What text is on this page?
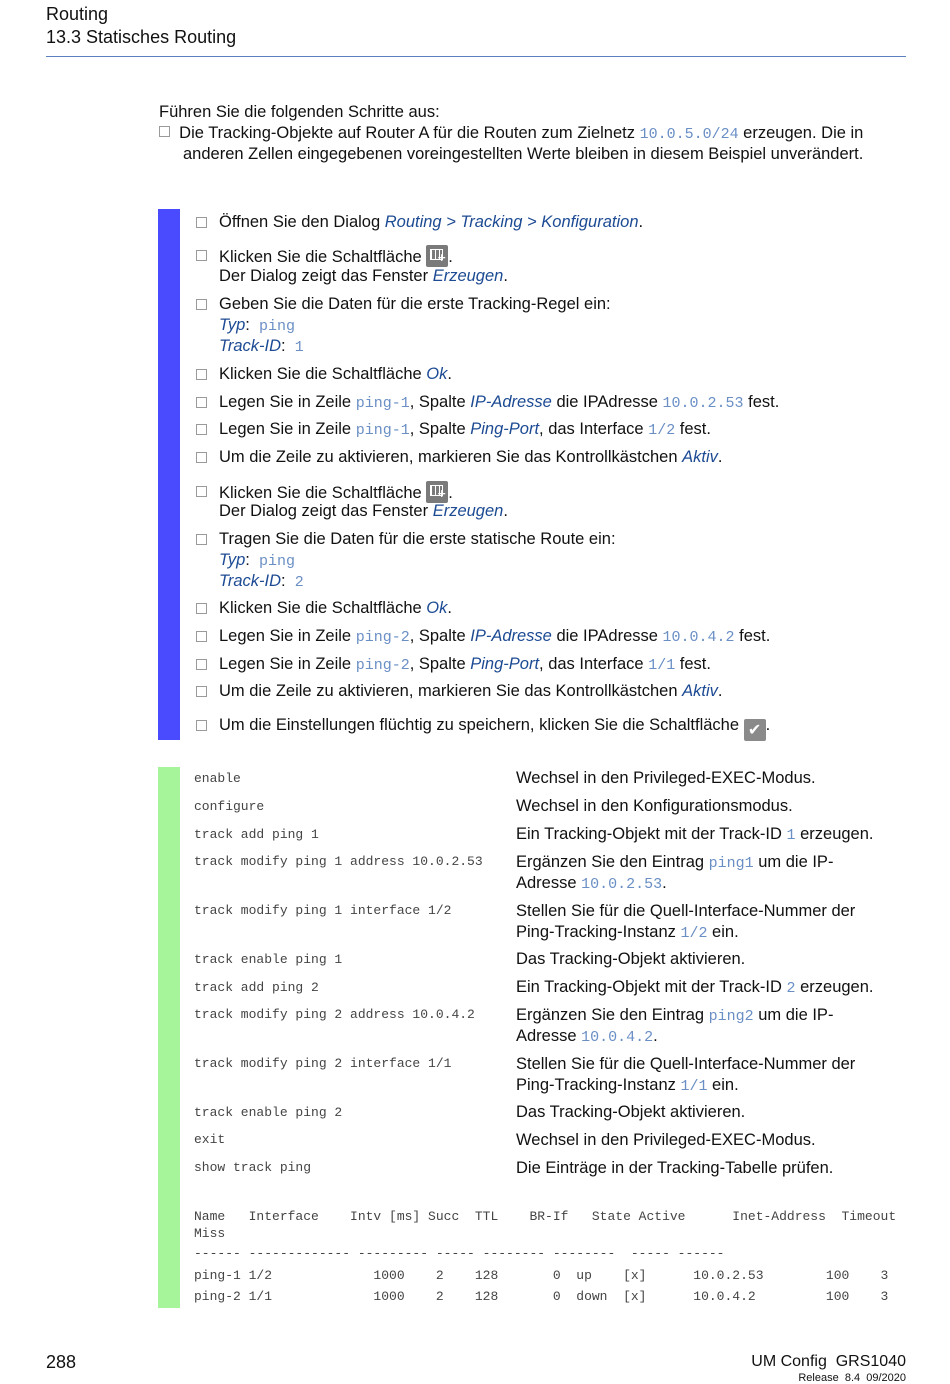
Routing
13.3 Statisches Routing
Führen Sie die folgenden Schritte aus:
Die Tracking-Objekte auf Router A für die Routen zum Zielnetz 10.0.5.0/24 erzeugen. Die in
anderen Zellen eingegebenen voreingestellten Werte bleiben in diesem Beispiel unverändert.
Öffnen Sie den Dialog Routing > Tracking > Konfiguration.
Klicken Sie die Schaltfläche +.
Der Dialog zeigt das Fenster Erzeugen.
Geben Sie die Daten für die erste Tracking-Regel ein:
Typ: ping
Track-ID: 1
Klicken Sie die Schaltfläche Ok.
Legen Sie in Zeile ping-1, Spalte IP-Adresse die IPAdresse 10.0.2.53 fest.
Legen Sie in Zeile ping-1, Spalte Ping-Port, das Interface 1/2 fest.
Um die Zeile zu aktivieren, markieren Sie das Kontrollkästchen Aktiv.
Klicken Sie die Schaltfläche +.
Der Dialog zeigt das Fenster Erzeugen.
Tragen Sie die Daten für die erste statische Route ein:
Typ: ping
Track-ID: 2
Klicken Sie die Schaltfläche Ok.
Legen Sie in Zeile ping-2, Spalte IP-Adresse die IPAdresse 10.0.4.2 fest.
Legen Sie in Zeile ping-2, Spalte Ping-Port, das Interface 1/1 fest.
Um die Zeile zu aktivieren, markieren Sie das Kontrollkästchen Aktiv.
Um die Einstellungen flüchtig zu speichern, klicken Sie die Schaltfläche ✔ .
enable	Wechsel in den Privileged-EXEC-Modus.
configure	Wechsel in den Konfigurationsmodus.
track add ping 1	Ein Tracking-Objekt mit der Track-ID 1 erzeugen.
track modify ping 1 address 10.0.2.53 Ergänzen Sie den Eintrag ping1 um die IP-
Adresse 10.0.2.53.
track modify ping 1 interface 1/2	Stellen Sie für die Quell-Interface-Nummer der
Ping-Tracking-Instanz 1/2 ein.
track enable ping 1	Das Tracking-Objekt aktivieren.
track add ping 2	Ein Tracking-Objekt mit der Track-ID 2 erzeugen.
track modify ping 2 address 10.0.4.2 Ergänzen Sie den Eintrag ping2 um die IP-
Adresse 10.0.4.2.
track modify ping 2 interface 1/1	Stellen Sie für die Quell-Interface-Nummer der
Ping-Tracking-Instanz 1/1 ein.
track enable ping 2	Das Tracking-Objekt aktivieren.
exit	Wechsel in den Privileged-EXEC-Modus.
show track ping	Die Einträge in der Tracking-Tabelle prüfen.
Name   Interface    Intv [ms] Succ  TTL    BR-If   State Active      Inet-Address  Timeout
Miss
------ ------------- --------- ----- -------- --------  ----- ------
ping-1 1/2             1000    2    128       0  up    [x]      10.0.2.53        100    3
ping-2 1/1             1000    2    128       0  down  [x]      10.0.4.2         100    3
288	UM Config  GRS1040
Release  8.4  09/2020
